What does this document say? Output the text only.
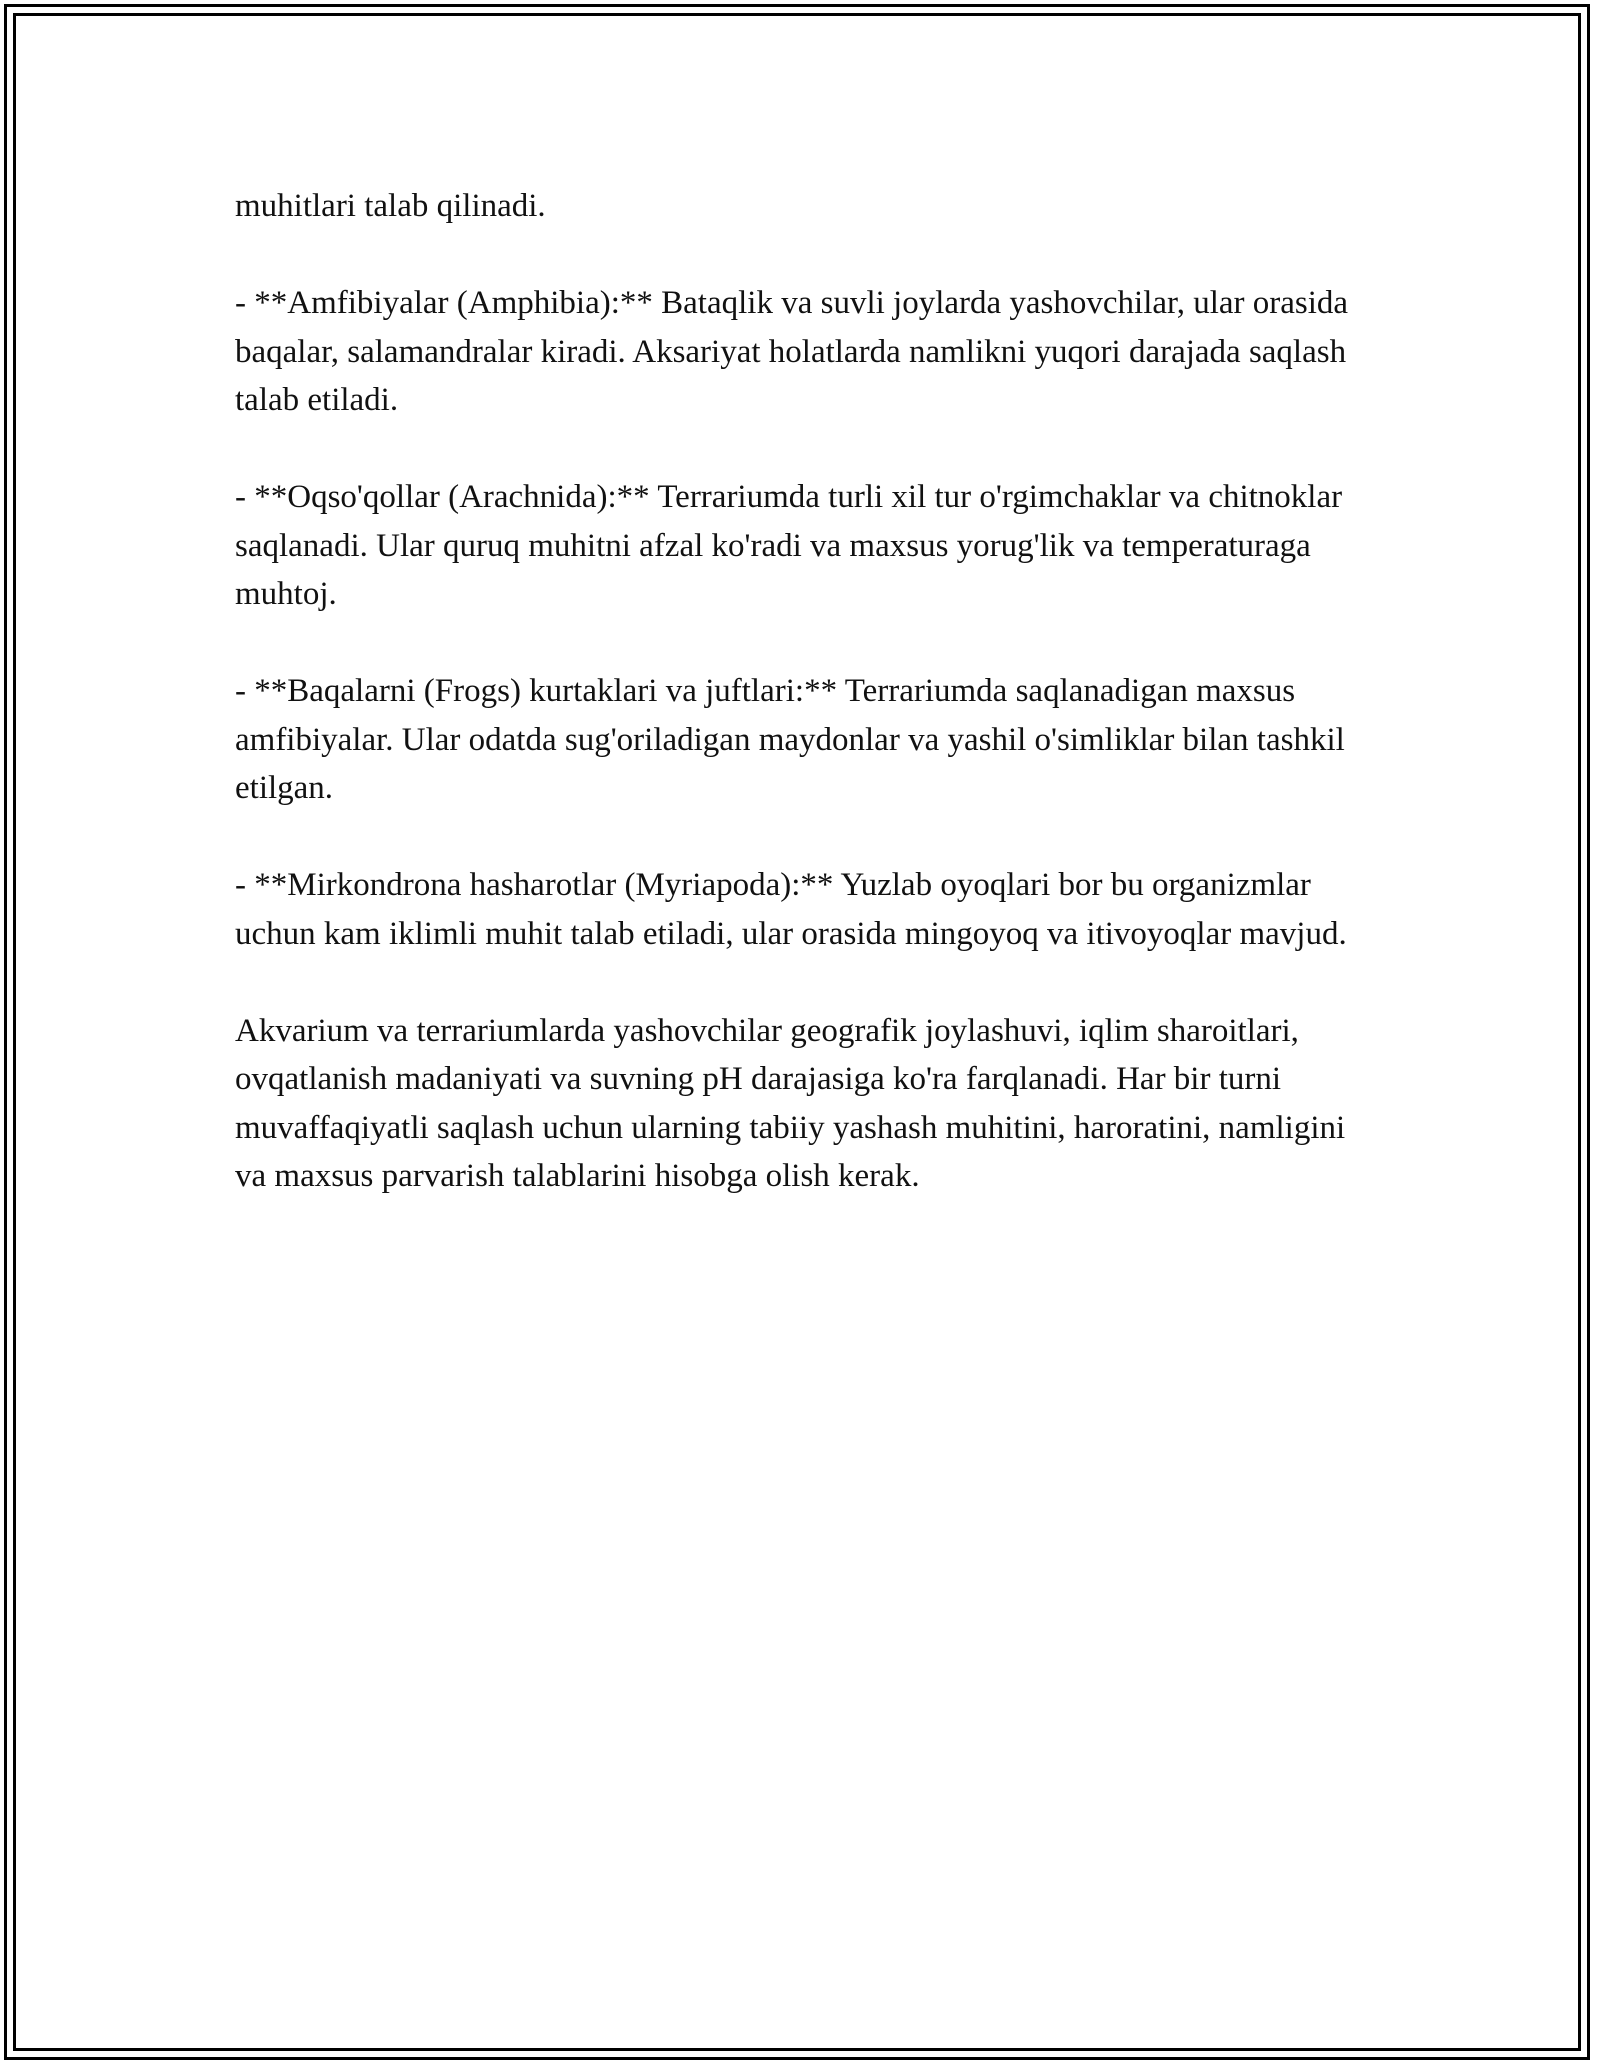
muhitlari talab qilinadi.

- **Amfibiyalar (Amphibia):** Bataqlik va suvli joylarda yashovchilar, ular orasida baqalar, salamandralar kiradi. Aksariyat holatlarda namlikni yuqori darajada saqlash talab etiladi.

- **Oqso'qollar (Arachnida):** Terrariumda turli xil tur o'rgimchaklar va chitnoklar saqlanadi. Ular quruq muhitni afzal ko'radi va maxsus yorug'lik va temperaturaga muhtoj.

- **Baqalarni (Frogs) kurtaklari va juftlari:** Terrariumda saqlanadigan maxsus amfibiyalar. Ular odatda sug'oriladigan maydonlar va yashil o'simliklar bilan tashkil etilgan.

- **Mirkondrona hasharotlar (Myriapoda):** Yuzlab oyoqlari bor bu organizmlar uchun kam iklimli muhit talab etiladi, ular orasida mingoyoq va itivoyoqlar mavjud.

Akvarium va terrariumlarda yashovchilar geografik joylashuvi, iqlim sharoitlari, ovqatlanish madaniyati va suvning pH darajasiga ko'ra farqlanadi. Har bir turni muvaffaqiyatli saqlash uchun ularning tabiiy yashash muhitini, haroratini, namligini va maxsus parvarish talablarini hisobga olish kerak.
